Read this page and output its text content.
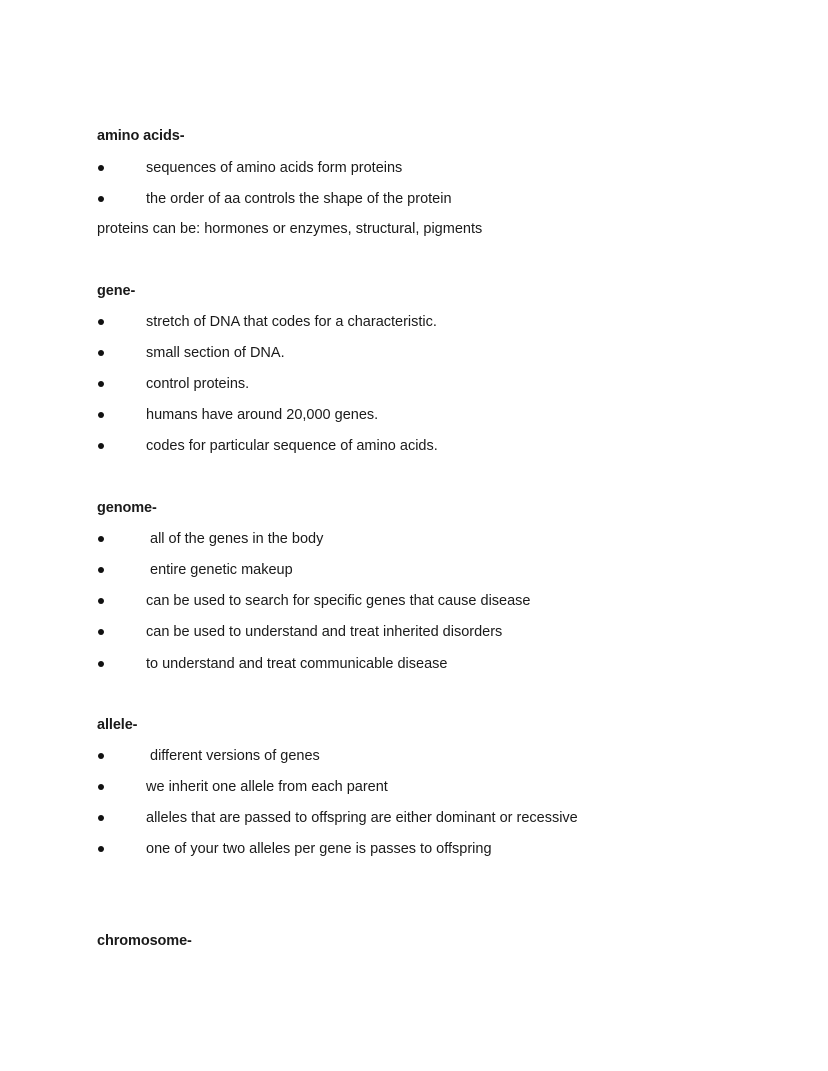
amino acids-
sequences of amino acids form proteins
the order of aa controls the shape of the protein
proteins can be: hormones or enzymes, structural, pigments
gene-
stretch of DNA that codes for a characteristic.
small section of DNA.
control proteins.
humans have around 20,000 genes.
codes for particular sequence of amino acids.
genome-
all of the genes in the body
entire genetic makeup
can be used to search for specific genes that cause disease
can be used to understand and treat inherited disorders
to understand and treat communicable disease
allele-
different versions of genes
we inherit one allele from each parent
alleles that are passed to offspring are either dominant or recessive
one of your two alleles per gene is passes to offspring
chromosome-
